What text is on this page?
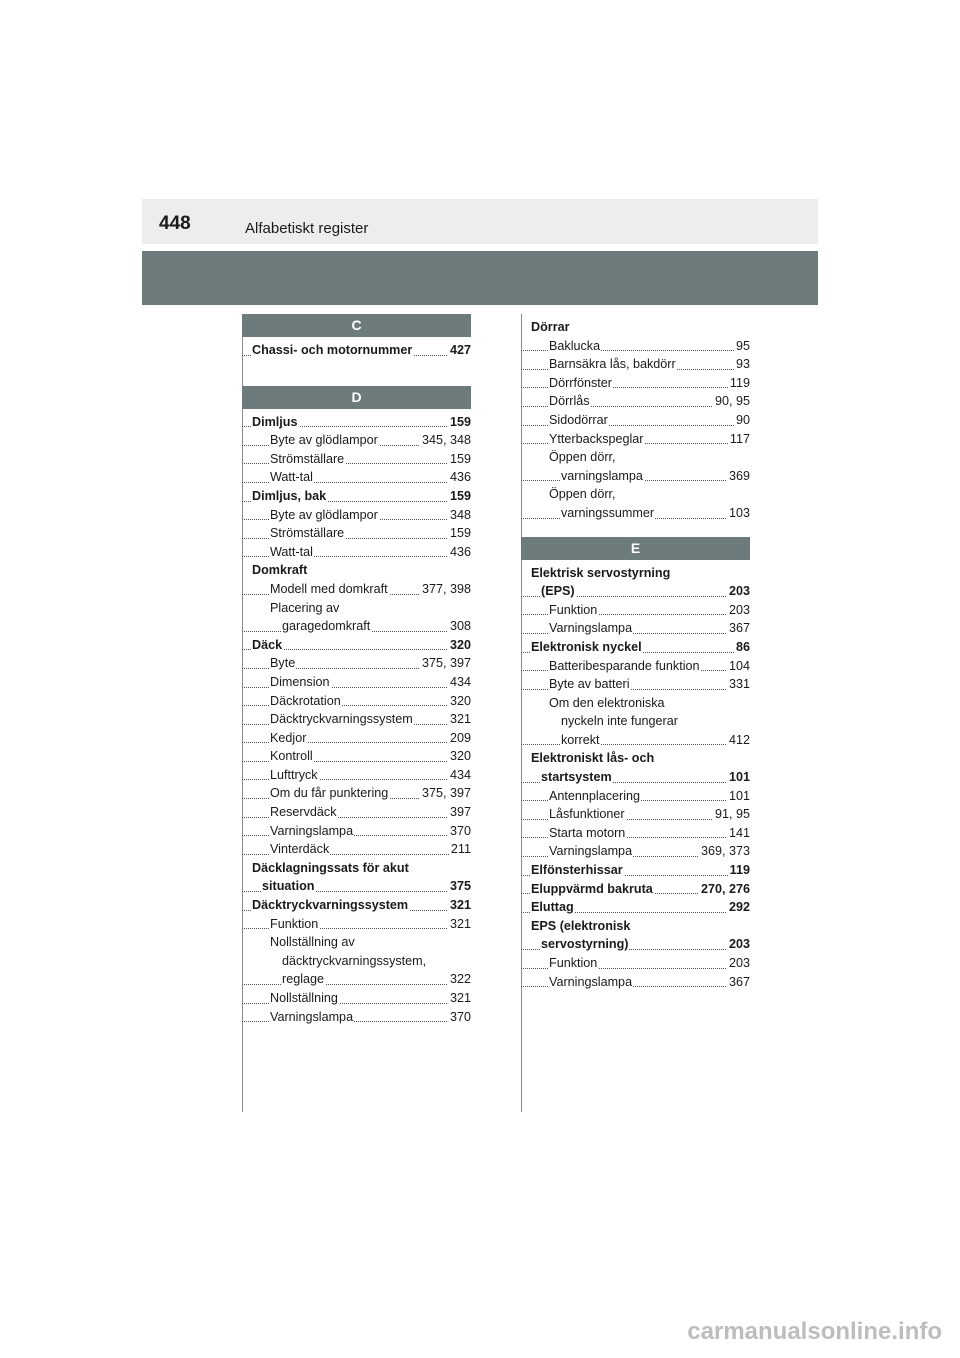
448	Alfabetiskt register
C
Chassi- och motornummer	427
D
Dimljus	159
Byte av glödlampor	345, 348
Strömställare	159
Watt-tal	436
Dimljus, bak	159
Byte av glödlampor	348
Strömställare	159
Watt-tal	436
Domkraft
Modell med domkraft	377, 398
Placering av
garagedomkraft	308
Däck	320
Byte	375, 397
Dimension	434
Däckrotation	320
Däcktryckvarningssystem	321
Kedjor	209
Kontroll	320
Lufttryck	434
Om du får punktering	375, 397
Reservdäck	397
Varningslampa	370
Vinterdäck	211
Däcklagningssats för akut
situation	375
Däcktryckvarningssystem	321
Funktion	321
Nollställning av
däcktryckvarningssystem,
reglage	322
Nollställning	321
Varningslampa	370
Dörrar
Baklucka	95
Barnsäkra lås, bakdörr	93
Dörrfönster	119
Dörrlås	90, 95
Sidodörrar	90
Ytterbackspeglar	117
Öppen dörr,
varningslampa	369
Öppen dörr,
varningssummer	103
E
Elektrisk servostyrning
(EPS)	203
Funktion	203
Varningslampa	367
Elektronisk nyckel	86
Batteribesparande funktion 104
Byte av batteri	331
Om den elektroniska
nyckeln inte fungerar
korrekt	412
Elektroniskt lås- och
startsystem	101
Antennplacering	101
Låsfunktioner	91, 95
Starta motorn	141
Varningslampa	369, 373
Elfönsterhissar	119
Eluppvärmd bakruta	270, 276
Eluttag	292
EPS (elektronisk
servostyrning)	203
Funktion	203
Varningslampa	367
carmanualsonline.info
